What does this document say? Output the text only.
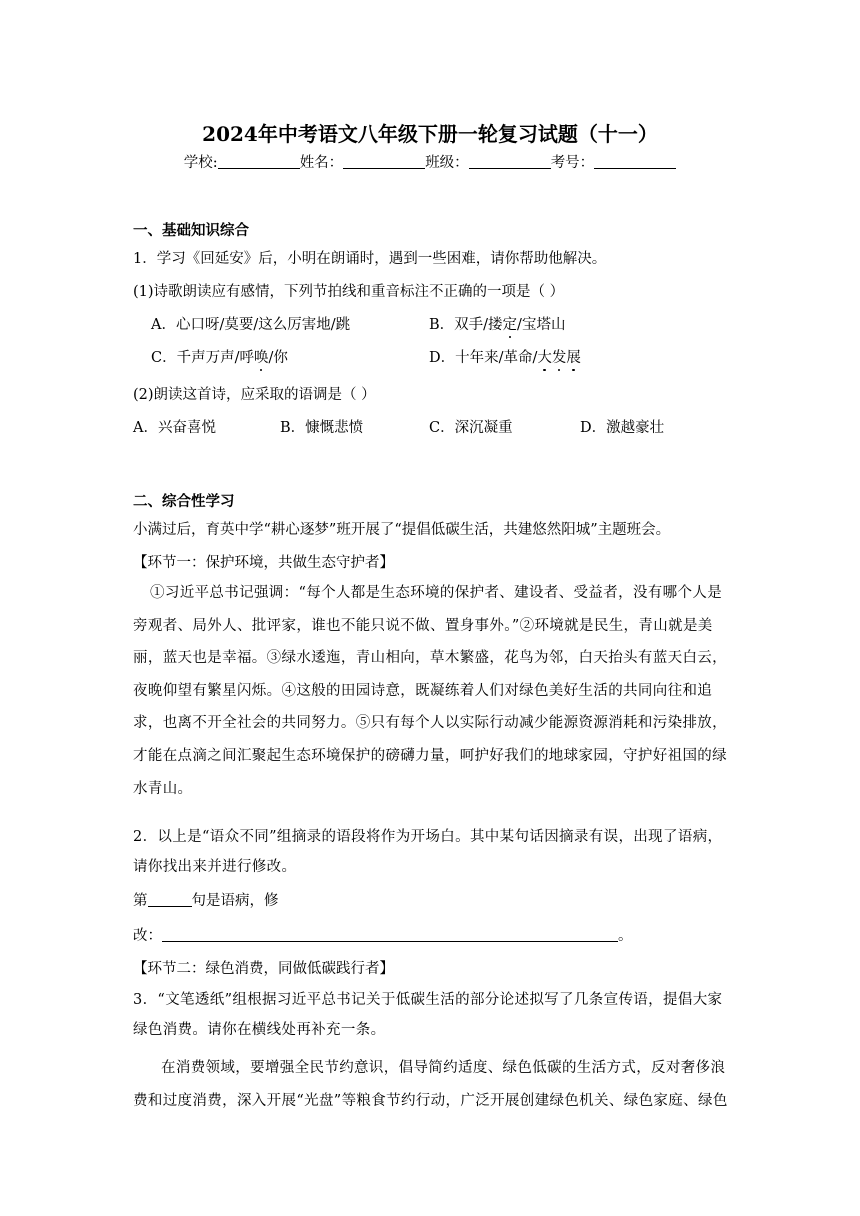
2024年中考语文八年级下册一轮复习试题（十一）
学校:	姓名：	班级：	考号：
一、基础知识综合
1．学习《回延安》后，小明在朗诵时，遇到一些困难，请你帮助他解决。
(1)诗歌朗读应有感情，下列节拍线和重音标注不正确的一项是（ ）
A．心口呀/莫要/这么厉害地/跳	B．双手/搂定/宝塔山
C．千声万声/呼唤/你	D．十年来/革命/大发展
(2)朗读这首诗，应采取的语调是（ ）
A．兴奋喜悦	B．慷慨悲愤	C．深沉凝重	D．激越豪壮
二、综合性学习
小满过后，育英中学“耕心逐梦”班开展了“提倡低碳生活，共建悠然阳城”主题班会。
【环节一：保护环境，共做生态守护者】
①习近平总书记强调：“每个人都是生态环境的保护者、建设者、受益者，没有哪个人是旁观者、局外人、批评家，谁也不能只说不做、置身事外。”②环境就是民生，青山就是美丽，蓝天也是幸福。③绿水逶迤，青山相向，草木繁盛，花鸟为邻，白天抬头有蓝天白云，夜晚仰望有繁星闪烁。④这般的田园诗意，既凝练着人们对绿色美好生活的共同向往和追求，也离不开全社会的共同努力。⑤只有每个人以实际行动减少能源资源消耗和污染排放，才能在点滴之间汇聚起生态环境保护的磅礴力量，呵护好我们的地球家园，守护好祖国的绿水青山。
2．以上是“语众不同”组摘录的语段将作为开场白。其中某句话因摘录有误，出现了语病，请你找出来并进行修改。
第	句是语病，修
改：	。
【环节二：绿色消费，同做低碳践行者】
3．“文笔透纸”组根据习近平总书记关于低碳生活的部分论述拟写了几条宣传语，提倡大家绿色消费。请你在横线处再补充一条。
在消费领域，要增强全民节约意识，倡导简约适度、绿色低碳的生活方式，反对奢侈浪费和过度消费，深入开展“光盘”等粮食节约行动，广泛开展创建绿色机关、绿色家庭、绿色
